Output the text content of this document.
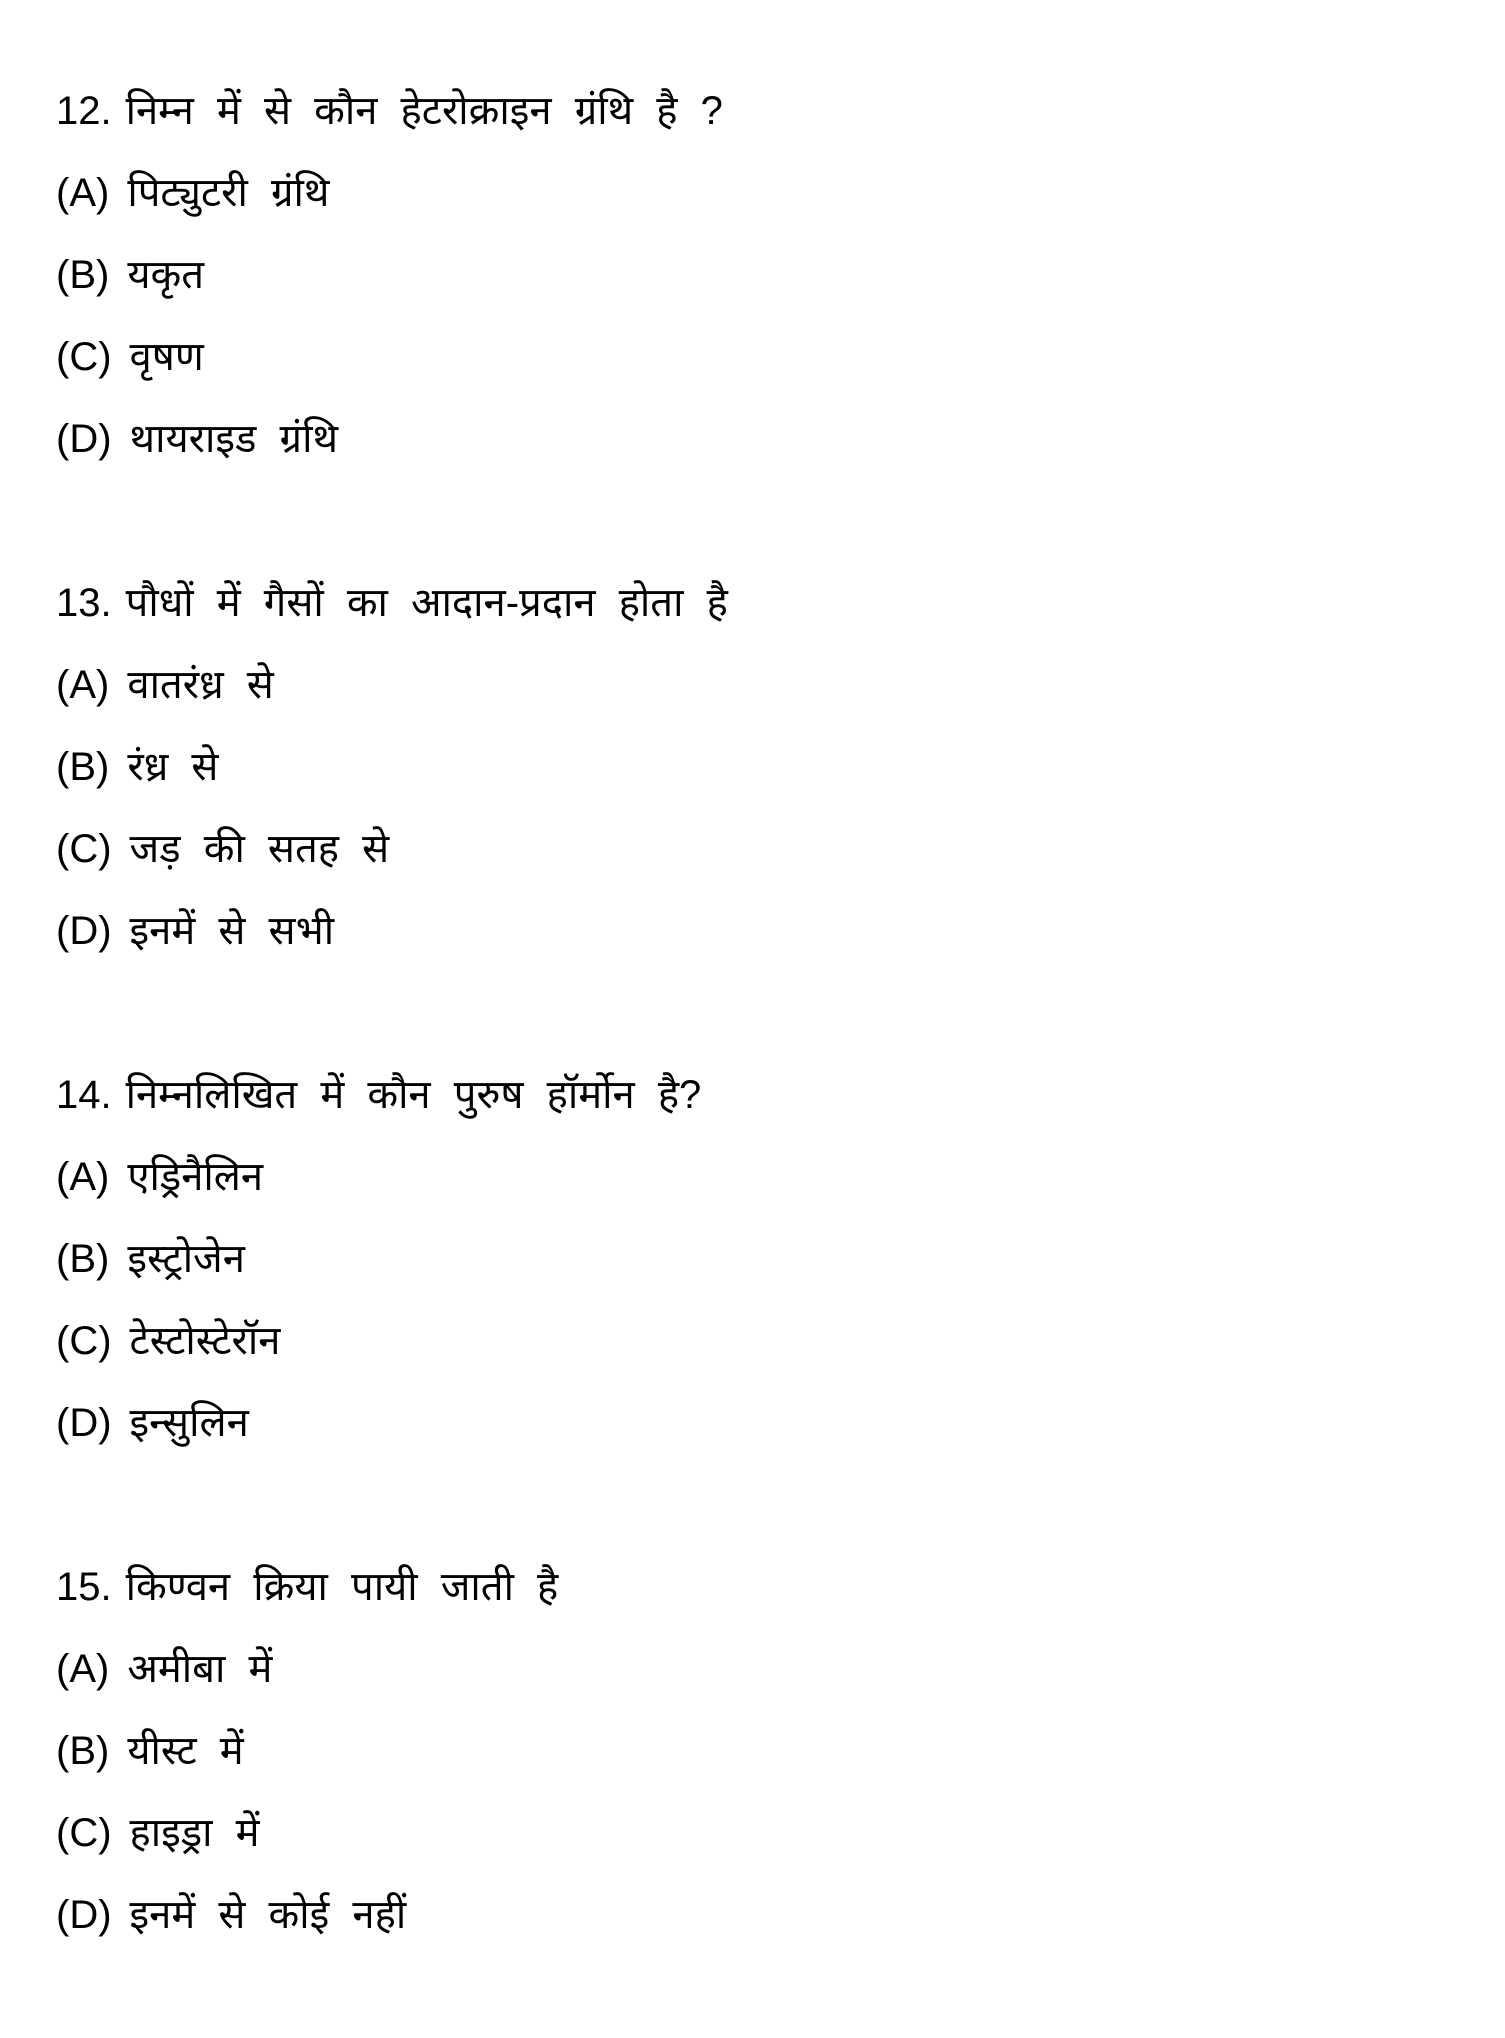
12. निम्न में से कौन हेटरोक्राइन ग्रंथि है ?
(A) पिट्युटरी ग्रंथि
(B) यकृत
(C) वृषण
(D) थायराइड ग्रंथि
13. पौधों में गैसों का आदान-प्रदान होता है
(A) वातरंध्र से
(B) रंध्र से
(C) जड़ की सतह से
(D) इनमें से सभी
14. निम्नलिखित में कौन पुरुष हॉर्मोन है?
(A) एड्रिनैलिन
(B) इस्ट्रोजेन
(C) टेस्टोस्टेरॉन
(D) इन्सुलिन
15. किण्वन क्रिया पायी जाती है
(A) अमीबा में
(B) यीस्ट में
(C) हाइड्रा में
(D) इनमें से कोई नहीं
